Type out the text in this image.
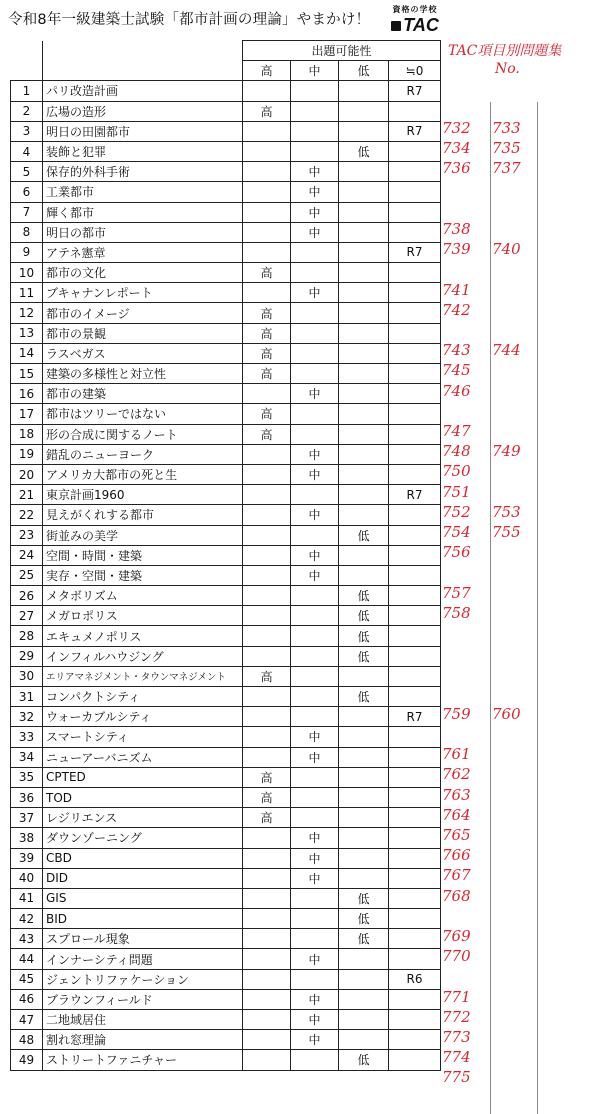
令和8年一級建築士試験「都市計画の理論」やまかけ！
資格の学校
TAC
		出題可能性			
		高	中	低	≒0
1	パリ改造計画				R7
2	広場の造形	高			
3	明日の田園都市				R7
4	装飾と犯罪			低	
5	保存的外科手術		中		
6	工業都市		中		
7	輝く都市		中		
8	明日の都市		中		
9	アテネ憲章				R7
10	都市の文化	高			
11	ブキャナンレポート		中		
12	都市のイメージ	高			
13	都市の景観	高			
14	ラスベガス	高			
15	建築の多様性と対立性	高			
16	都市の建築		中		
17	都市はツリーではない	高			
18	形の合成に関するノート	高			
19	錯乱のニューヨーク		中		
20	アメリカ大都市の死と生		中		
21	東京計画1960				R7
22	見えがくれする都市		中		
23	街並みの美学			低	
24	空間・時間・建築		中		
25	実存・空間・建築		中		
26	メタボリズム			低	
27	メガロポリス			低	
28	エキュメノポリス			低	
29	インフィルハウジング			低	
30	エリアマネジメント・タウンマネジメント	高			
31	コンパクトシティ			低	
32	ウォーカブルシティ				R7
33	スマートシティ		中		
34	ニューアーバニズム		中		
35	CPTED	高			
36	TOD	高			
37	レジリエンス	高			
38	ダウンゾーニング		中		
39	CBD		中		
40	DID		中		
41	GIS			低	
42	BID			低	
43	スプロール現象			低	
44	インナーシティ問題		中		
45	ジェントリファケーション				R6
46	ブラウンフィールド		中		
47	二地域居住		中		
48	割れ窓理論		中		
49	ストリートファニチャー			低	
TAC項目別問題集
No.
732 733
734 735
736 737
738
739 740
741
742
743 744
745
746
747
748 749
750
751
752 753
754 755
756
757
758
759 760
761
762
763
764
765
766
767
768
769
770
771
772
773
774
775
